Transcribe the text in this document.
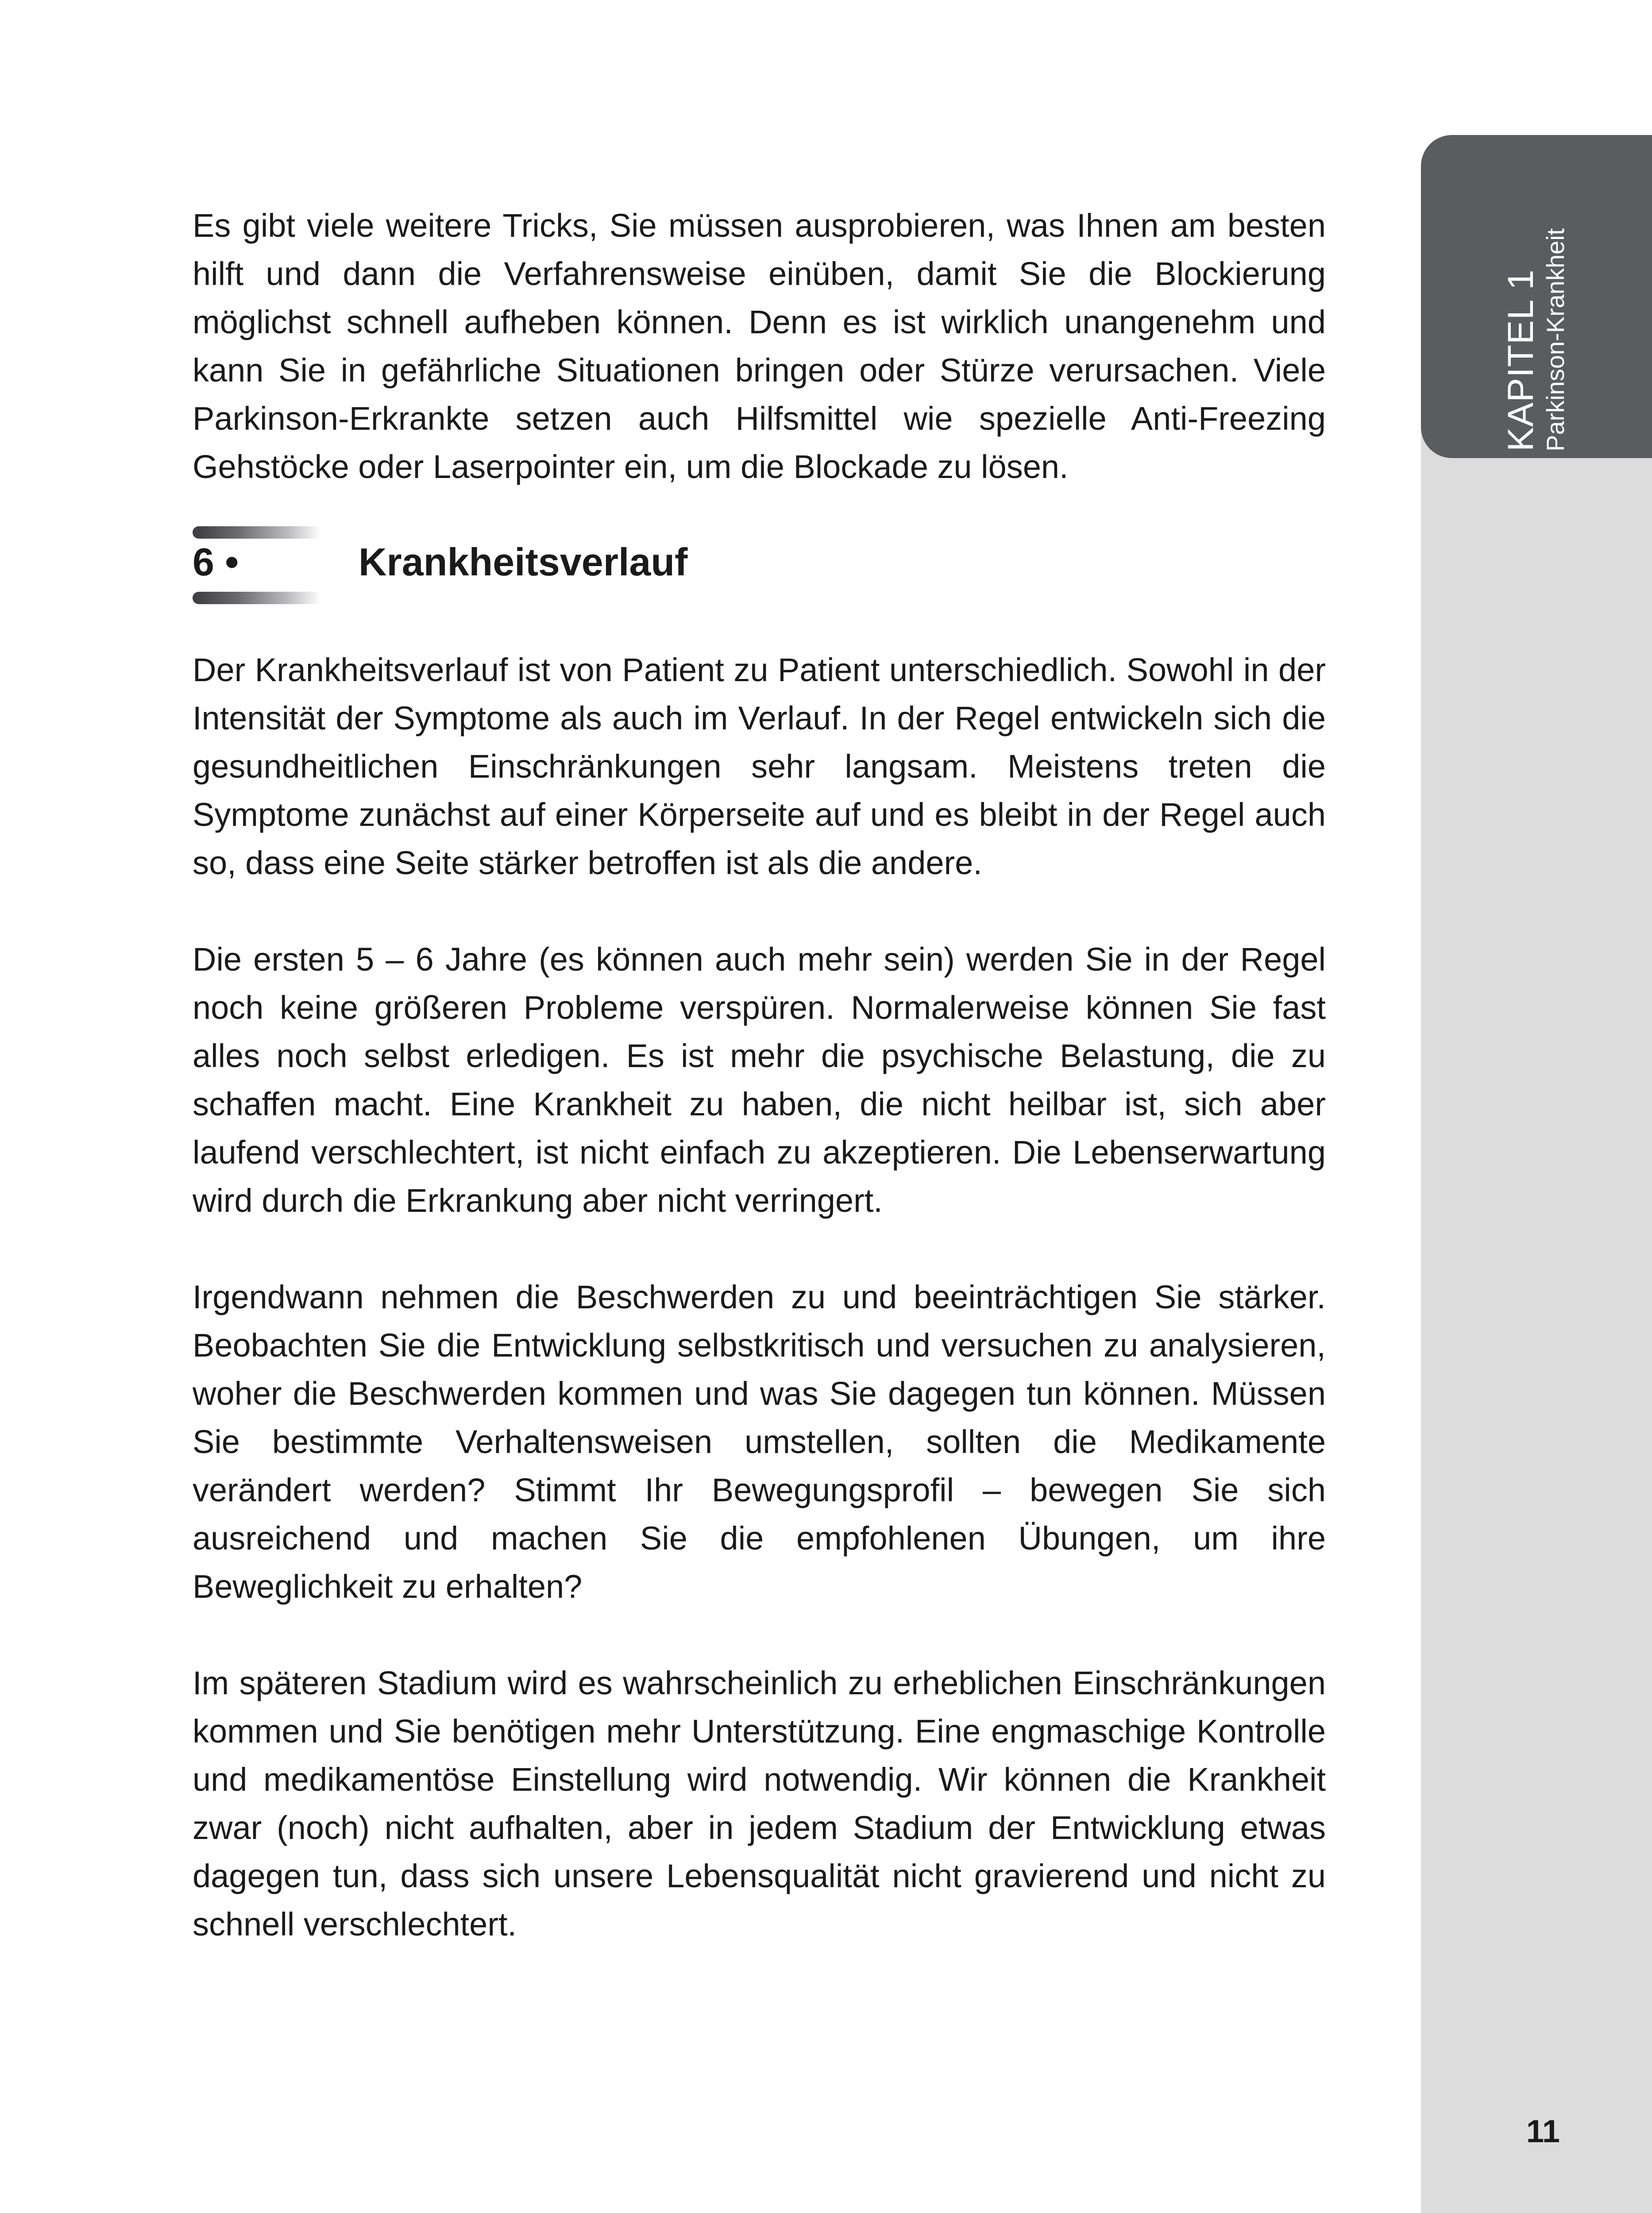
KAPITEL 1 Parkinson-Krankheit
11

Es gibt viele weitere Tricks, Sie müssen ausprobieren, was Ihnen am besten hilft und dann die Verfahrensweise einüben, damit Sie die Blockierung möglichst schnell aufheben können. Denn es ist wirklich unangenehm und kann Sie in gefährliche Situationen bringen oder Stürze verursachen. Viele Parkinson-Erkrankte setzen auch Hilfsmittel wie spezielle Anti-Freezing Gehstöcke oder Laserpointer ein, um die Blockade zu lösen.

6 •	Krankheitsverlauf

Der Krankheitsverlauf ist von Patient zu Patient unterschiedlich. Sowohl in der Intensität der Symptome als auch im Verlauf. In der Regel entwickeln sich die gesundheitlichen Einschränkungen sehr langsam. Meistens treten die Symptome zunächst auf einer Körperseite auf und es bleibt in der Regel auch so, dass eine Seite stärker betroffen ist als die andere.

Die ersten 5 – 6 Jahre (es können auch mehr sein) werden Sie in der Regel noch keine größeren Probleme verspüren. Normalerweise können Sie fast alles noch selbst erledigen. Es ist mehr die psychische Belastung, die zu schaffen macht. Eine Krankheit zu haben, die nicht heilbar ist, sich aber laufend verschlechtert, ist nicht einfach zu akzeptieren. Die Lebenserwartung wird durch die Erkrankung aber nicht verringert.

Irgendwann nehmen die Beschwerden zu und beeinträchtigen Sie stärker. Beobachten Sie die Entwicklung selbstkritisch und versuchen zu analysieren, woher die Beschwerden kommen und was Sie dagegen tun können. Müssen Sie bestimmte Verhaltensweisen umstellen, sollten die Medikamente verändert werden? Stimmt Ihr Bewegungsprofil – bewegen Sie sich ausreichend und machen Sie die empfohlenen Übungen, um ihre Beweglichkeit zu erhalten?

Im späteren Stadium wird es wahrscheinlich zu erheblichen Einschränkungen kommen und Sie benötigen mehr Unterstützung. Eine engmaschige Kontrolle und medikamentöse Einstellung wird notwendig. Wir können die Krankheit zwar (noch) nicht aufhalten, aber in jedem Stadium der Entwicklung etwas dagegen tun, dass sich unsere Lebensqualität nicht gravierend und nicht zu schnell verschlechtert.
